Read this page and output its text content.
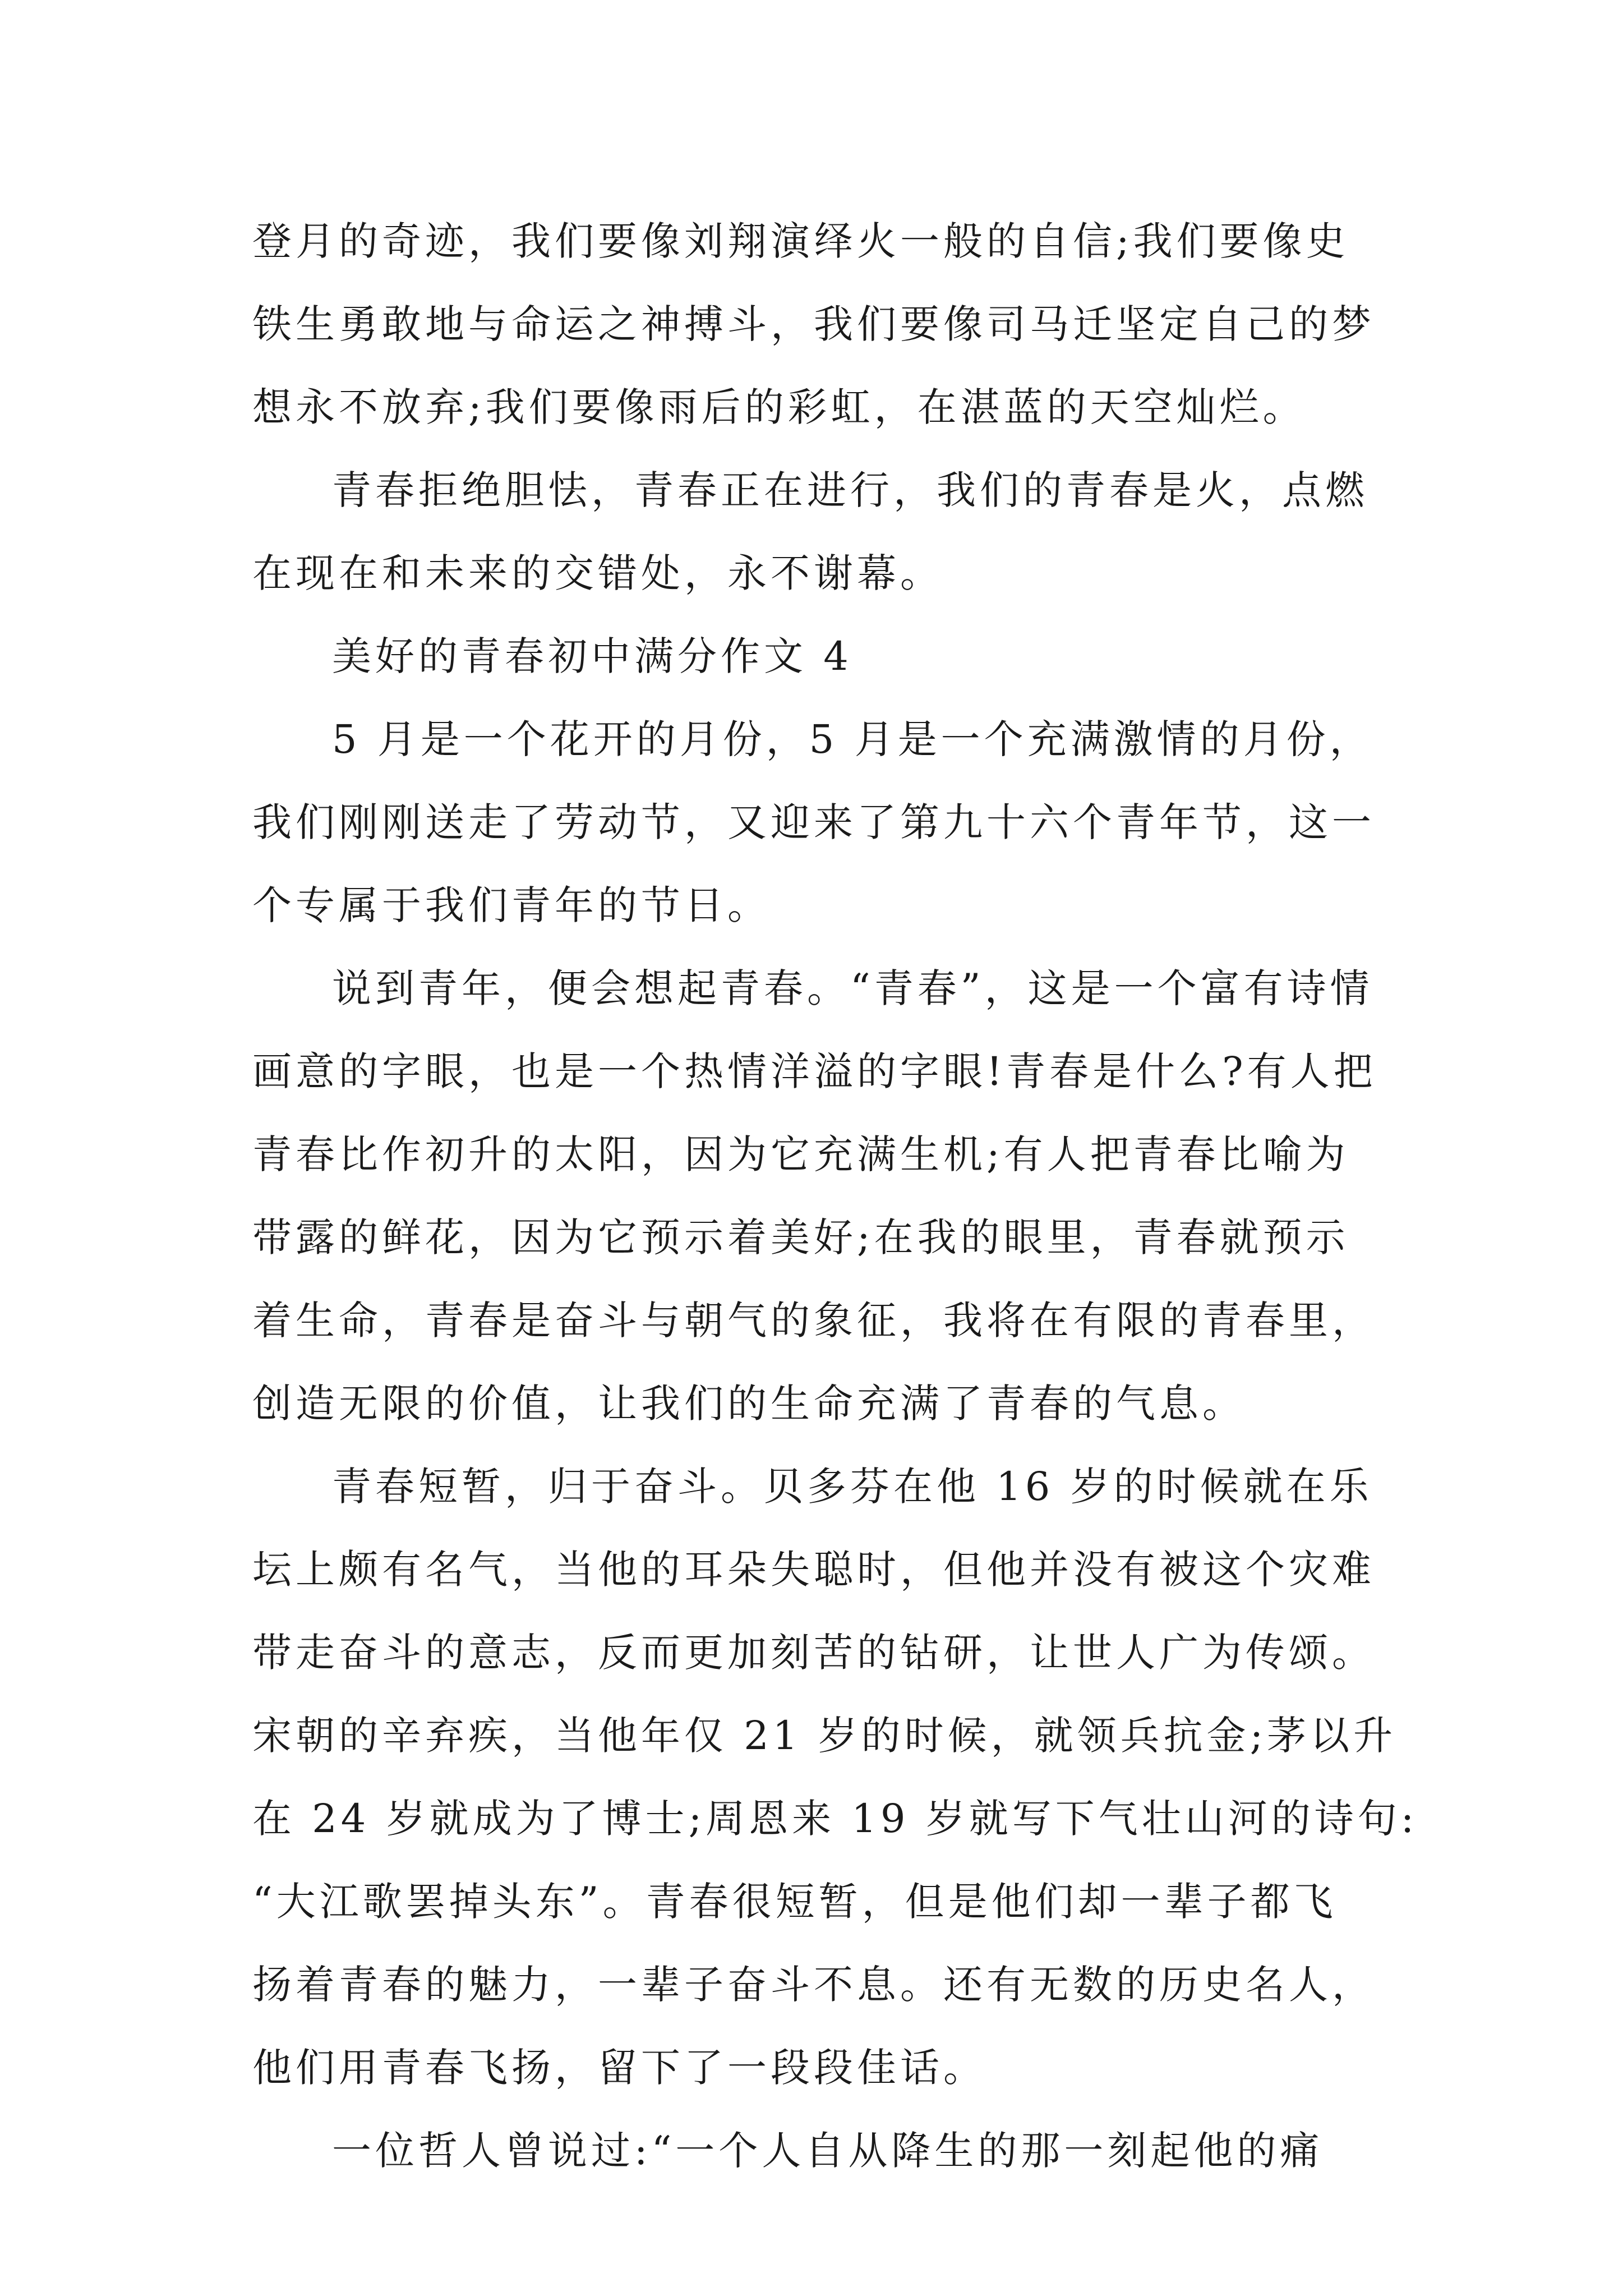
登月的奇迹，我们要像刘翔演绎火一般的自信;我们要像史
铁生勇敢地与命运之神搏斗，我们要像司马迁坚定自己的梦
想永不放弃;我们要像雨后的彩虹，在湛蓝的天空灿烂。
青春拒绝胆怯，青春正在进行，我们的青春是火，点燃
在现在和未来的交错处，永不谢幕。
美好的青春初中满分作文 4
5 月是一个花开的月份，5 月是一个充满激情的月份，
我们刚刚送走了劳动节，又迎来了第九十六个青年节，这一
个专属于我们青年的节日。
说到青年，便会想起青春。“青春”，这是一个富有诗情
画意的字眼，也是一个热情洋溢的字眼!青春是什么?有人把
青春比作初升的太阳，因为它充满生机;有人把青春比喻为
带露的鲜花，因为它预示着美好;在我的眼里，青春就预示
着生命，青春是奋斗与朝气的象征，我将在有限的青春里，
创造无限的价值，让我们的生命充满了青春的气息。
青春短暂，归于奋斗。贝多芬在他 16 岁的时候就在乐
坛上颇有名气，当他的耳朵失聪时，但他并没有被这个灾难
带走奋斗的意志，反而更加刻苦的钻研，让世人广为传颂。
宋朝的辛弃疾，当他年仅 21 岁的时候，就领兵抗金;茅以升
在 24 岁就成为了博士;周恩来 19 岁就写下气壮山河的诗句:
“大江歌罢掉头东”。青春很短暂，但是他们却一辈子都飞
扬着青春的魅力，一辈子奋斗不息。还有无数的历史名人，
他们用青春飞扬，留下了一段段佳话。
一位哲人曾说过:“一个人自从降生的那一刻起他的痛
